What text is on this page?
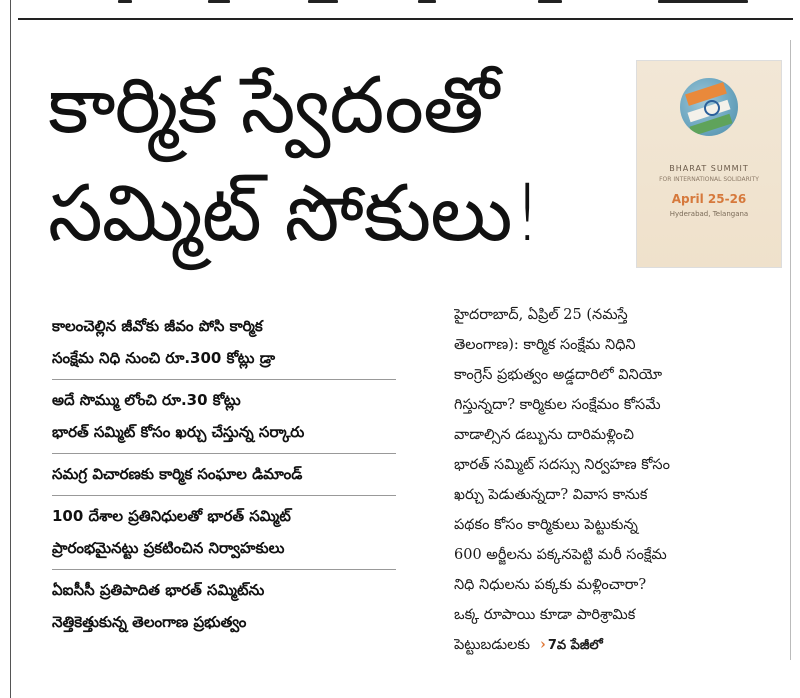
కార్మిక స్వేదంతో
సమ్మిట్ సోకులు!
BHARAT SUMMIT
FOR INTERNATIONAL SOLIDARITY
April 25-26
Hyderabad, Telangana
కాలంచెల్లిన జీవోకు జీవం పోసి కార్మిక
సంక్షేమ నిధి నుంచి రూ.300 కోట్లు డ్రా
అదే సొమ్ము లోంచి రూ.30 కోట్లు
భారత్ సమ్మిట్ కోసం ఖర్చు చేస్తున్న సర్కారు
సమగ్ర విచారణకు కార్మిక సంఘాల డిమాండ్
100 దేశాల ప్రతినిధులతో భారత్ సమ్మిట్
ప్రారంభమైనట్టు ప్రకటించిన నిర్వాహకులు
ఏఐసీసీ ప్రతిపాదిత భారత్ సమ్మిట్‌ను
నెత్తికెత్తుకున్న తెలంగాణ ప్రభుత్వం
హైదరాబాద్, ఏప్రిల్ 25 (నమస్తే
తెలంగాణ): కార్మిక సంక్షేమ నిధిని
కాంగ్రెస్ ప్రభుత్వం అడ్డదారిలో వినియో
గిస్తున్నదా? కార్మికుల సంక్షేమం కోసమే
వాడాల్సిన డబ్బును దారిమళ్లించి
భారత్ సమ్మిట్ సదస్సు నిర్వహణ కోసం
ఖర్చు పెడుతున్నదా? వివాస కానుక
పథకం కోసం కార్మికులు పెట్టుకున్న
600 అర్జీలను పక్కనపెట్టి మరీ సంక్షేమ
నిధి నిధులను పక్కకు మళ్లించారా?
ఒక్క రూపాయి కూడా పారిశ్రామిక
పెట్టుబడులకు › 7వ పేజీలో
